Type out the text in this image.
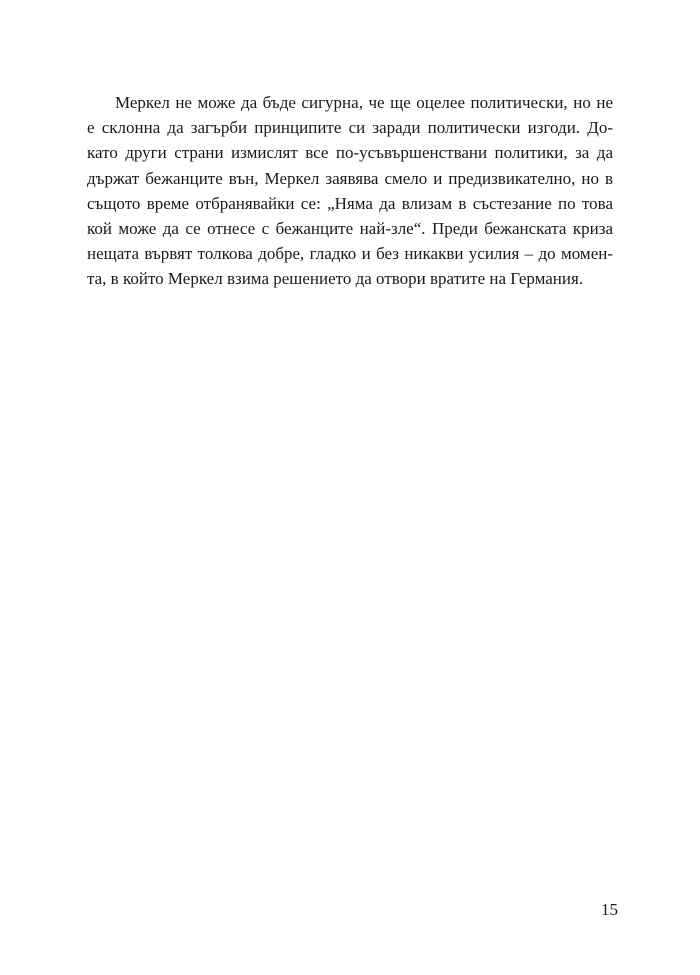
Меркел не може да бъде сигурна, че ще оцелее политически, но не
е склонна да загърби принципите си заради политически изгоди. До-
като други страни измислят все по-усъвършенствани политики, за да
държат бежанците вън, Меркел заявява смело и предизвикателно, но в
същото време отбранявайки се: „Няма да влизам в състезание по това
кой може да се отнесе с бежанците най-зле“. Преди бежанската криза
нещата вървят толкова добре, гладко и без никакви усилия – до момен-
та, в който Меркел взима решението да отвори вратите на Германия.
15
